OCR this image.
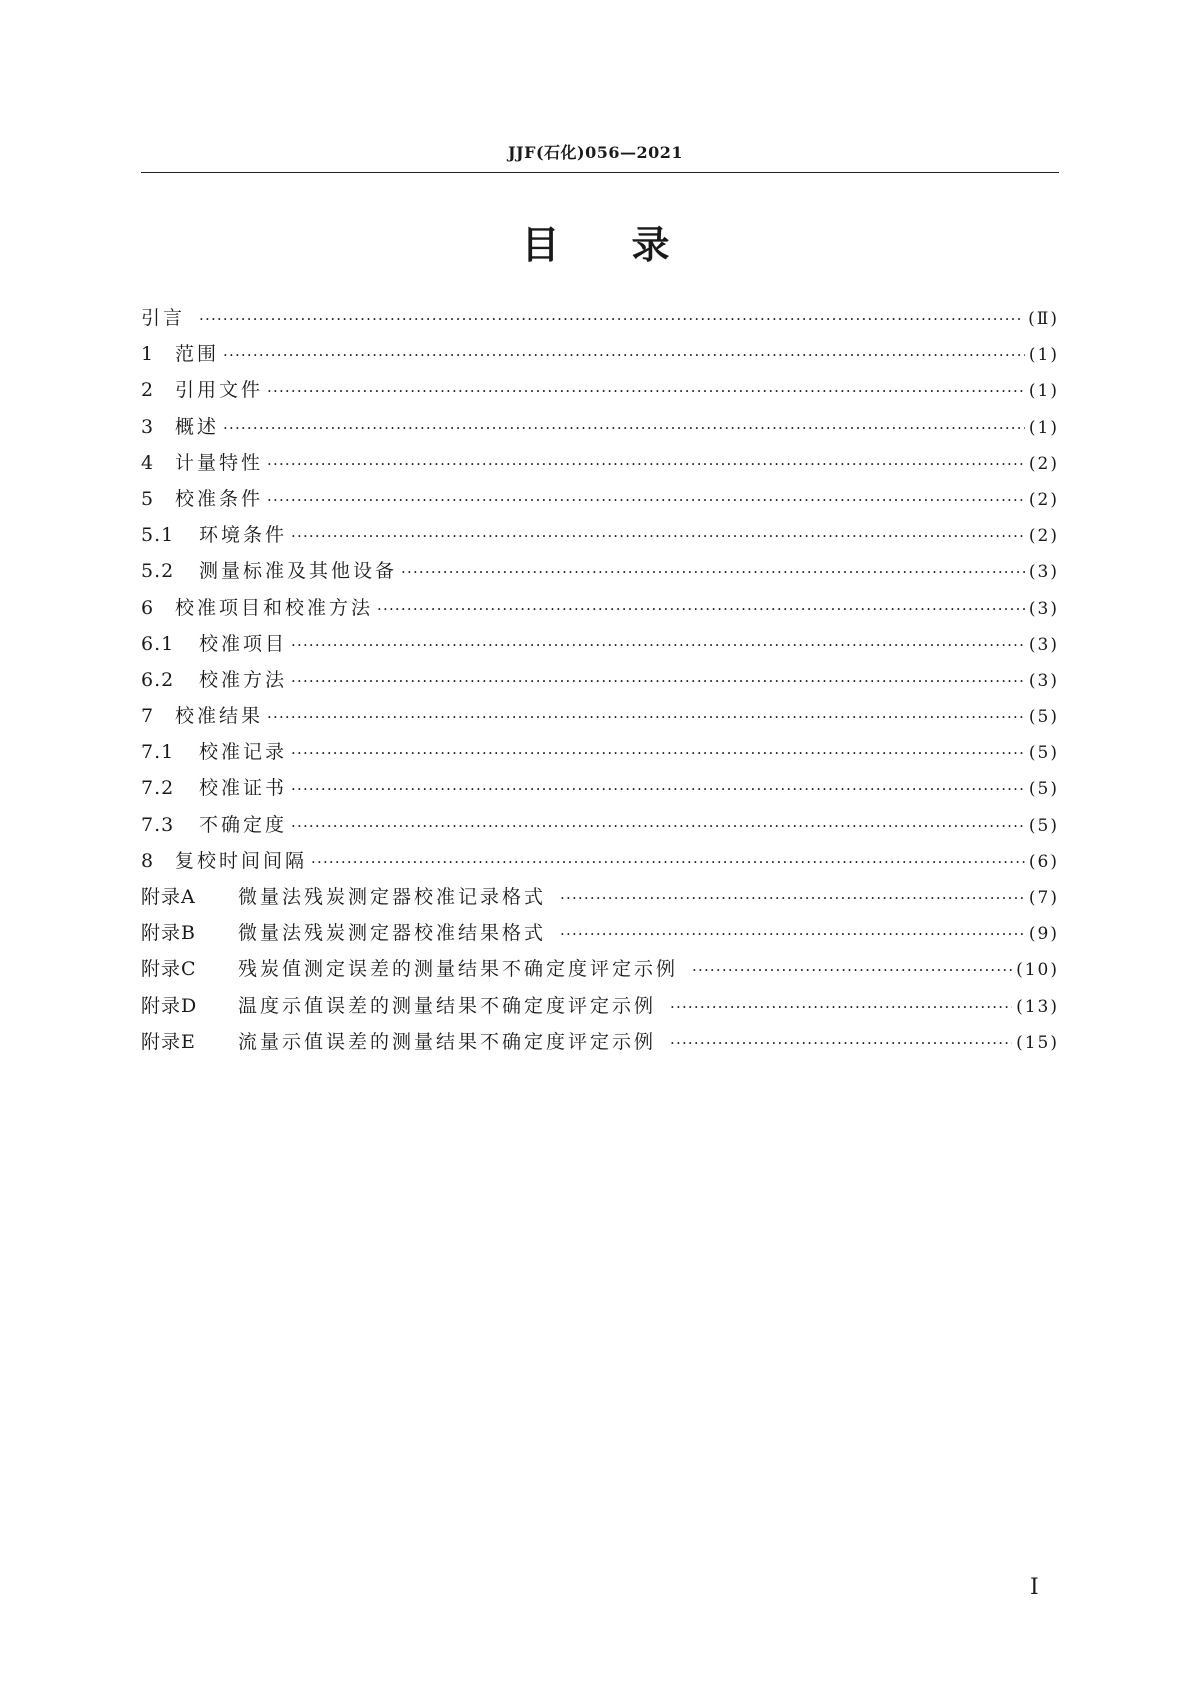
JJF(石化)056—2021
目 录
引言 ·····	(Ⅱ)
1	范围 ·····	(1)
2	引用文件 ·····	(1)
3	概述 ·····	(1)
4	计量特性 ·····	(2)
5	校准条件 ·····	(2)
5.1	环境条件 ·····	(2)
5.2	测量标准及其他设备 ·····	(3)
6	校准项目和校准方法 ·····	(3)
6.1	校准项目 ·····	(3)
6.2	校准方法 ·····	(3)
7	校准结果 ·····	(5)
7.1	校准记录 ·····	(5)
7.2	校准证书 ·····	(5)
7.3	不确定度 ·····	(5)
8	复校时间间隔 ·····	(6)
附录A	微量法残炭测定器校准记录格式 ·····	(7)
附录B	微量法残炭测定器校准结果格式 ·····	(9)
附录C	残炭值测定误差的测量结果不确定度评定示例 ·····	(10)
附录D	温度示值误差的测量结果不确定度评定示例 ·····	(13)
附录E	流量示值误差的测量结果不确定度评定示例 ·····	(15)
Ⅰ
